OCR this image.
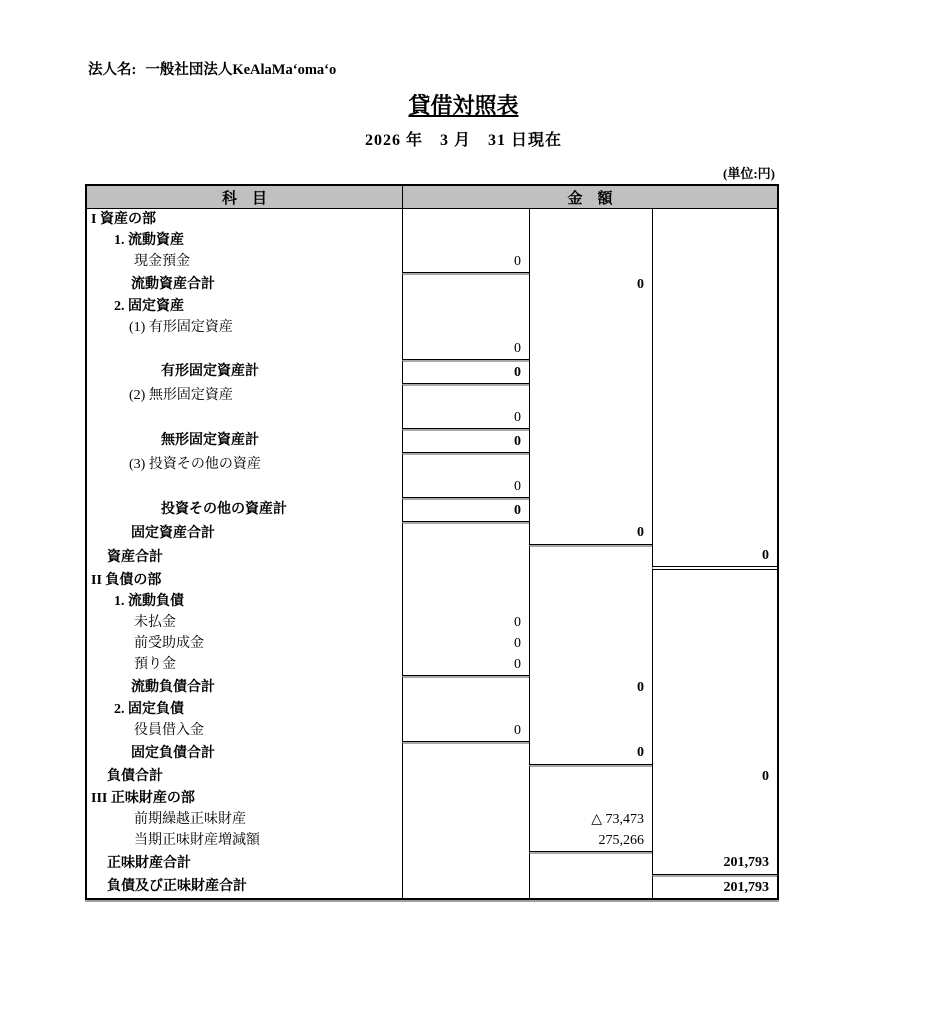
法人名: 一般社団法人KeAlaMaʻomaʻo
貸借対照表
2026 年　3 月　31 日現在
(単位:円)
科　目	金　額		
I 資産の部			
1. 流動資産			
現金預金	0		
流動資産合計		0	
2. 固定資産			
(1) 有形固定資産			
	0		
有形固定資産計	0		
(2) 無形固定資産			
	0		
無形固定資産計	0		
(3) 投資その他の資産			
	0		
投資その他の資産計	0		
固定資産合計		0	
資産合計			0
II 負債の部			
1. 流動負債			
未払金	0		
前受助成金	0		
預り金	0		
流動負債合計		0	
2. 固定負債			
役員借入金	0		
固定負債合計		0	
負債合計			0
III 正味財産の部			
前期繰越正味財産		△ 73,473	
当期正味財産増減額		275,266	
正味財産合計			201,793
負債及び正味財産合計			201,793
